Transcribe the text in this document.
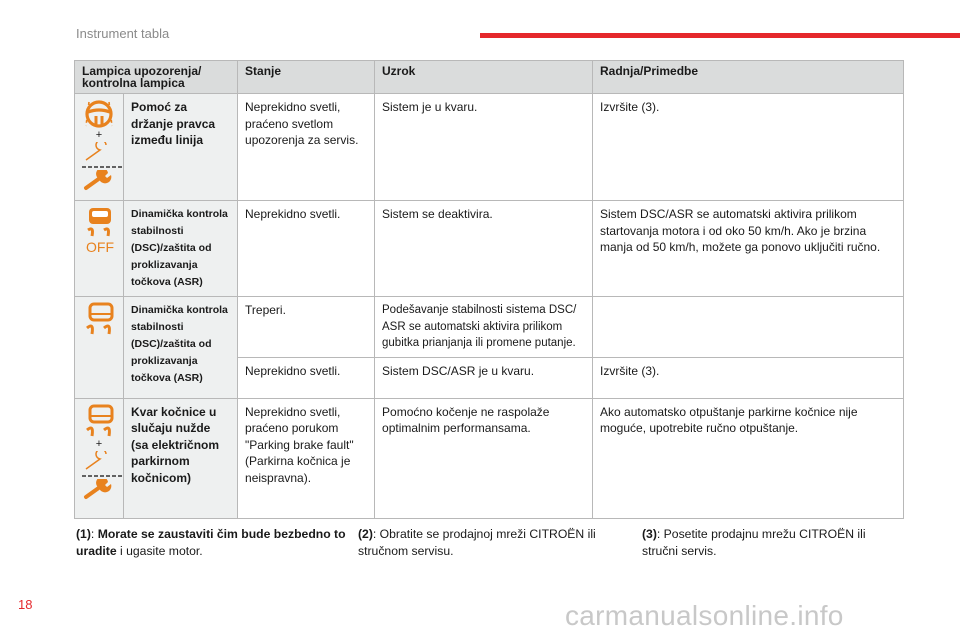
Instrument tabla
Lampica upozorenja/ kontrolna lampica		Stanje	Uzrok	Radnja/Primedbe

+	Pomoć za držanje pravca između linija	Neprekidno svetli, praćeno svetlom upozorenja za servis.	Sistem je u kvaru.	Izvršite (3).

OFF	Dinamička kontrola stabilnosti (DSC)/zaštita od proklizavanja točkova (ASR)	Neprekidno svetli.	Sistem se deaktivira.	Sistem DSC/ASR se automatski aktivira prilikom startovanja motora i od oko 50 km/h. Ako je brzina manja od 50 km/h, možete ga ponovo uključiti ručno.

	Dinamička kontrola stabilnosti (DSC)/zaštita od proklizavanja točkova (ASR)	Treperi.	Podešavanje stabilnosti sistema DSC/ ASR se automatski aktivira prilikom gubitka prianjanja ili promene putanje.	
		Neprekidno svetli.	Sistem DSC/ASR je u kvaru.	Izvršite (3).

+	Kvar kočnice u slučaju nužde (sa električnom parkirnom kočnicom)	Neprekidno svetli, praćeno porukom "Parking brake fault" (Parkirna kočnica je neispravna).	Pomoćno kočenje ne raspolaže optimalnim performansama.	Ako automatsko otpuštanje parkirne kočnice nije moguće, upotrebite ručno otpuštanje.
(1): Morate se zaustaviti čim bude bezbedno to uradite i ugasite motor.
(2): Obratite se prodajnoj mreži CITROËN ili stručnom servisu.
(3): Posetite prodajnu mrežu CITROËN ili stručni servis.
18	carmanualsonline.info
